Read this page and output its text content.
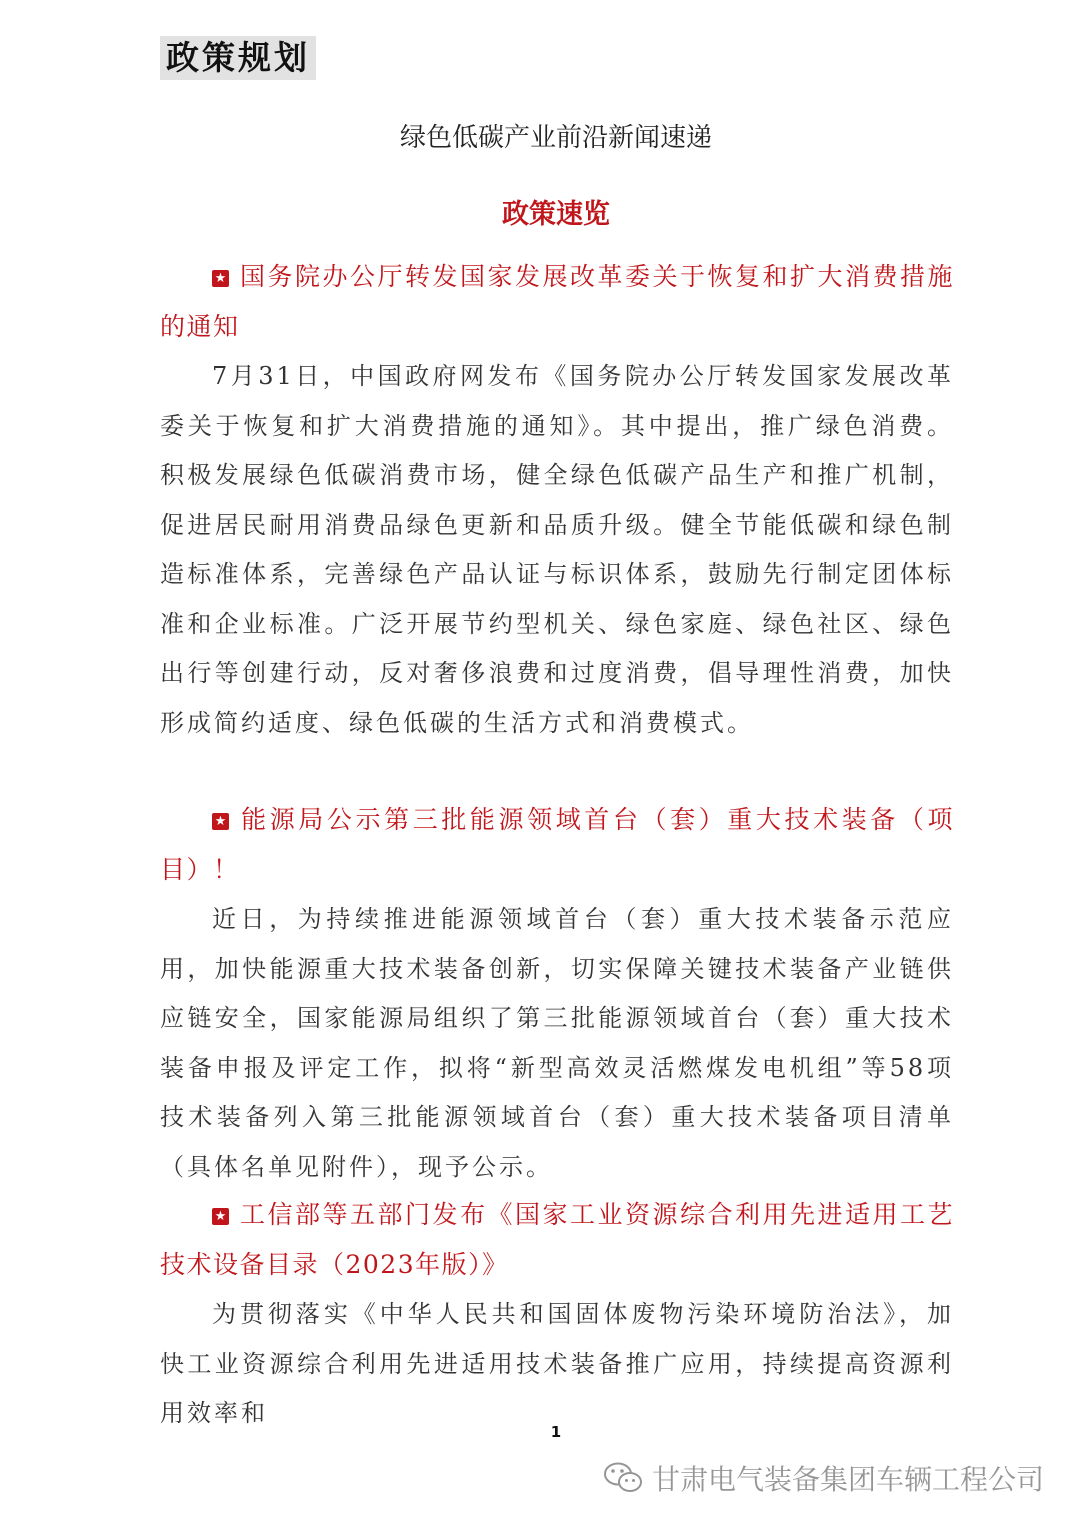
政策规划
绿色低碳产业前沿新闻速递
政策速览

★ 国务院办公厅转发国家发展改革委关于恢复和扩大消费措施的通知

7月31日，中国政府网发布《国务院办公厅转发国家发展改革委关于恢复和扩大消费措施的通知》。其中提出，推广绿色消费。积极发展绿色低碳消费市场，健全绿色低碳产品生产和推广机制，促进居民耐用消费品绿色更新和品质升级。健全节能低碳和绿色制造标准体系，完善绿色产品认证与标识体系，鼓励先行制定团体标准和企业标准。广泛开展节约型机关、绿色家庭、绿色社区、绿色出行等创建行动，反对奢侈浪费和过度消费，倡导理性消费，加快形成简约适度、绿色低碳的生活方式和消费模式。

★ 能源局公示第三批能源领域首台（套）重大技术装备（项目）！

近日，为持续推进能源领域首台（套）重大技术装备示范应用，加快能源重大技术装备创新，切实保障关键技术装备产业链供应链安全，国家能源局组织了第三批能源领域首台（套）重大技术装备申报及评定工作，拟将“新型高效灵活燃煤发电机组”等58项技术装备列入第三批能源领域首台（套）重大技术装备项目清单（具体名单见附件），现予公示。

★ 工信部等五部门发布《国家工业资源综合利用先进适用工艺技术设备目录（2023年版）》

为贯彻落实《中华人民共和国固体废物污染环境防治法》，加快工业资源综合利用先进适用技术装备推广应用，持续提高资源利用效率和

1
甘肃电气装备集团车辆工程公司
